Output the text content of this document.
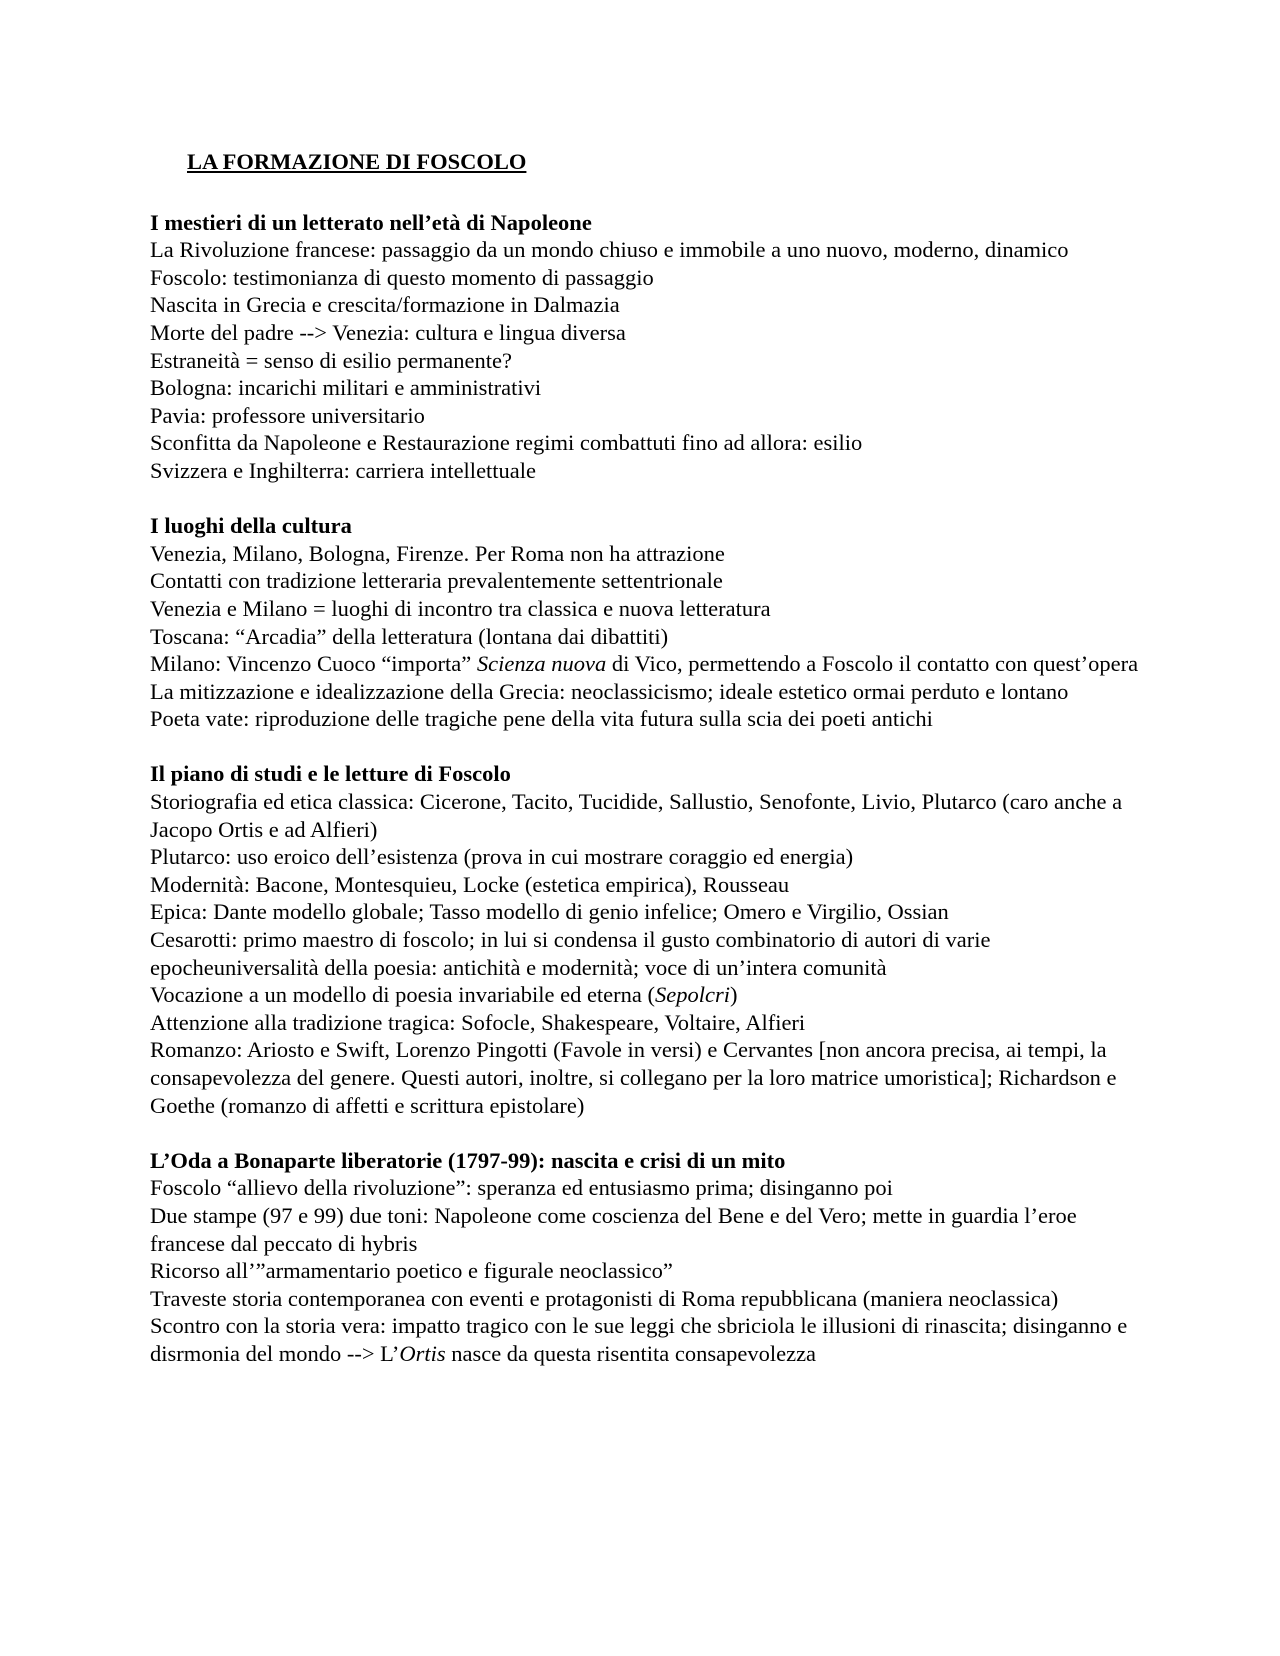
LA FORMAZIONE DI FOSCOLO
I mestieri di un letterato nell’età di Napoleone

La Rivoluzione francese: passaggio da un mondo chiuso e immobile a uno nuovo, moderno, dinamico

Foscolo: testimonianza di questo momento di passaggio

Nascita in Grecia e crescita/formazione in Dalmazia

Morte del padre --> Venezia: cultura e lingua diversa

Estraneità = senso di esilio permanente?

Bologna: incarichi militari e amministrativi

Pavia: professore universitario

Sconfitta da Napoleone e Restaurazione regimi combattuti fino ad allora: esilio

Svizzera e Inghilterra: carriera intellettuale

I luoghi della cultura

Venezia, Milano, Bologna, Firenze. Per Roma non ha attrazione

Contatti con tradizione letteraria prevalentemente settentrionale

Venezia e Milano = luoghi di incontro tra classica e nuova letteratura

Toscana: “Arcadia” della letteratura (lontana dai dibattiti)

Milano: Vincenzo Cuoco “importa” Scienza nuova di Vico, permettendo a Foscolo il contatto con quest’opera

La mitizzazione e idealizzazione della Grecia: neoclassicismo; ideale estetico ormai perduto e lontano

Poeta vate: riproduzione delle tragiche pene della vita futura sulla scia dei poeti antichi

Il piano di studi e le letture di Foscolo

Storiografia ed etica classica: Cicerone, Tacito, Tucidide, Sallustio, Senofonte, Livio, Plutarco (caro anche a Jacopo Ortis e ad Alfieri)

Plutarco: uso eroico dell’esistenza (prova in cui mostrare coraggio ed energia)

Modernità: Bacone, Montesquieu, Locke (estetica empirica), Rousseau

Epica: Dante modello globale; Tasso modello di genio infelice; Omero e Virgilio, Ossian

Cesarotti: primo maestro di foscolo; in lui si condensa il gusto combinatorio di autori di varie epocheuniversalità della poesia: antichità e modernità; voce di un’intera comunità

Vocazione a un modello di poesia invariabile ed eterna (Sepolcri)

Attenzione alla tradizione tragica: Sofocle, Shakespeare, Voltaire, Alfieri

Romanzo: Ariosto e Swift, Lorenzo Pingotti (Favole in versi) e Cervantes [non ancora precisa, ai tempi, la consapevolezza del genere. Questi autori, inoltre, si collegano per la loro matrice umoristica]; Richardson e Goethe (romanzo di affetti e scrittura epistolare)

L’Oda a Bonaparte liberatorie (1797-99): nascita e crisi di un mito

Foscolo “allievo della rivoluzione”: speranza ed entusiasmo prima; disinganno poi

Due stampe (97 e 99) due toni: Napoleone come coscienza del Bene e del Vero; mette in guardia l’eroe francese dal peccato di hybris

Ricorso all’”armamentario poetico e figurale neoclassico”

Traveste storia contemporanea con eventi e protagonisti di Roma repubblicana (maniera neoclassica)

Scontro con la storia vera: impatto tragico con le sue leggi che sbriciola le illusioni di rinascita; disinganno e disrmonia del mondo --> L’Ortis nasce da questa risentita consapevolezza
